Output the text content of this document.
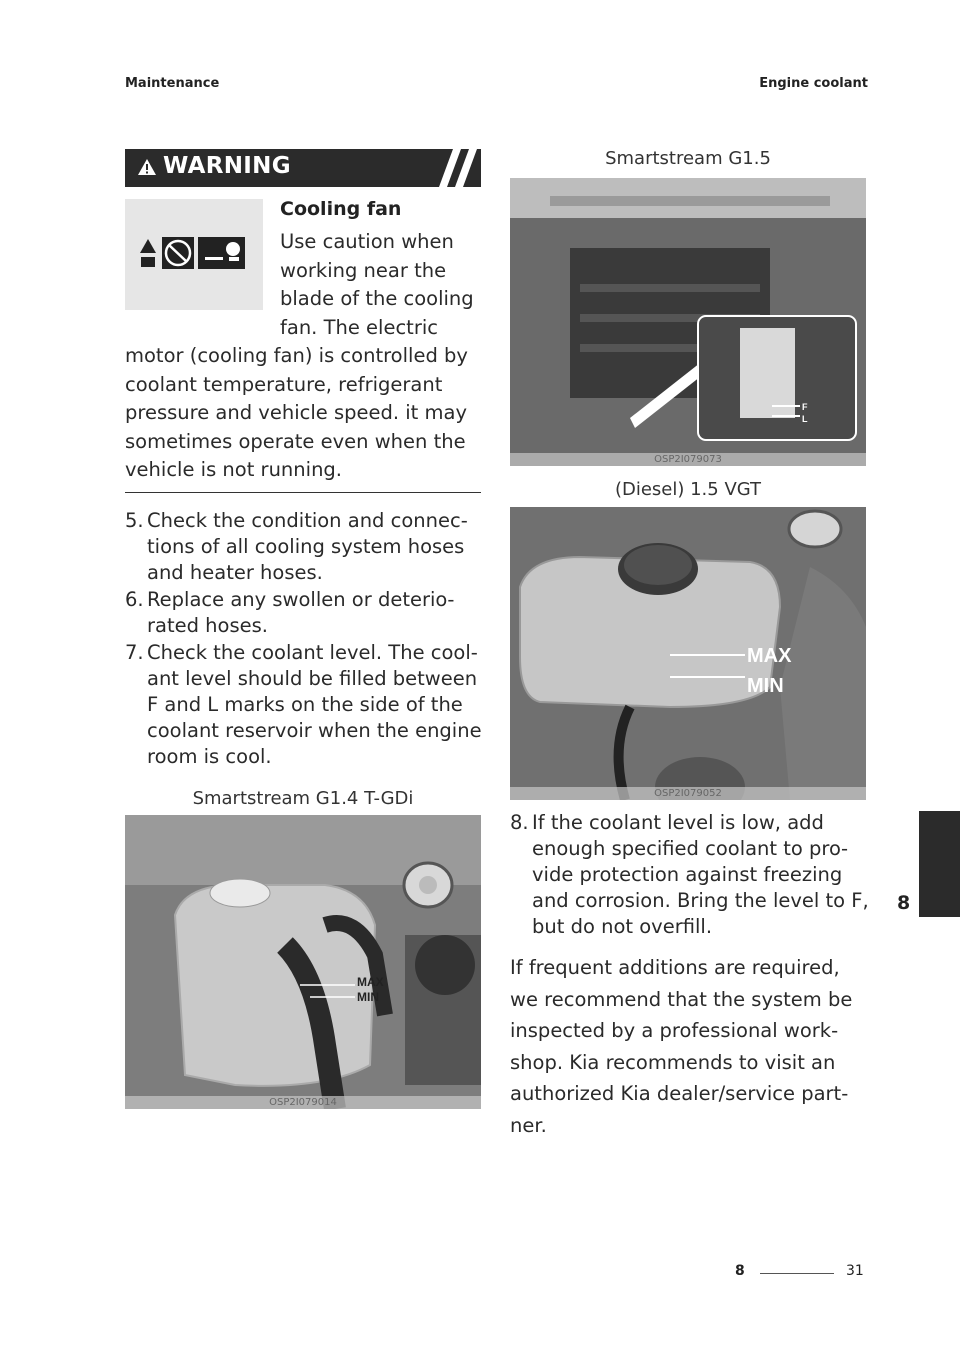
Maintenance	Engine coolant
WARNING
Cooling fan
Use caution when working near the blade of the cooling fan. The electric
motor (cooling fan) is controlled by coolant temperature, refrigerant pressure and vehicle speed. it may sometimes operate even when the vehicle is not running.
5. Check the condition and connections of all cooling system hoses and heater hoses.
6. Replace any swollen or deteriorated hoses.
7. Check the coolant level. The coolant level should be filled between F and L marks on the side of the coolant reservoir when the engine room is cool.
Smartstream G1.4 T-GDi
MAX
MIN
OSP2I079014
Smartstream G1.5
F
L
OSP2I079073
(Diesel) 1.5 VGT
MAX
MIN
OSP2I079052
8. If the coolant level is low, add enough specified coolant to provide protection against freezing and corrosion. Bring the level to F, but do not overfill.
If frequent additions are required, we recommend that the system be inspected by a professional workshop. Kia recommends to visit an authorized Kia dealer/service partner.
8
8	31
